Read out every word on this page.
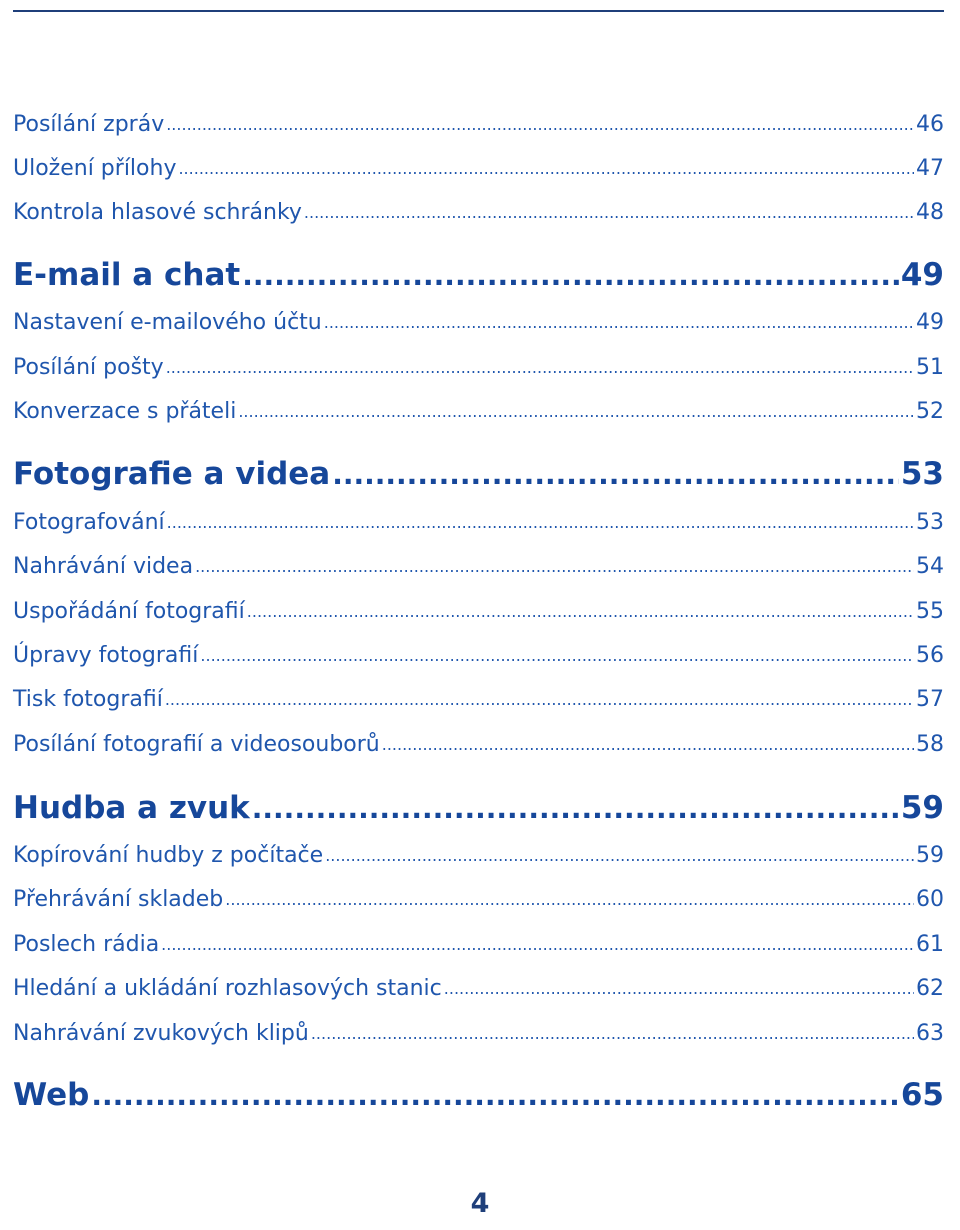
Posílání zpráv .....	46
Uložení přílohy .....	47
Kontrola hlasové schránky .....	48
E-mail a chat .....	49
Nastavení e-mailového účtu .....	49
Posílání pošty .....	51
Konverzace s přáteli .....	52
Fotografie a videa .....	53
Fotografování .....	53
Nahrávání videa .....	54
Uspořádání fotografií .....	55
Úpravy fotografií .....	56
Tisk fotografií .....	57
Posílání fotografií a videosouborů .....	58
Hudba a zvuk .....	59
Kopírování hudby z počítače .....	59
Přehrávání skladeb .....	60
Poslech rádia .....	61
Hledání a ukládání rozhlasových stanic .....	62
Nahrávání zvukových klipů .....	63
Web .....	65
4
